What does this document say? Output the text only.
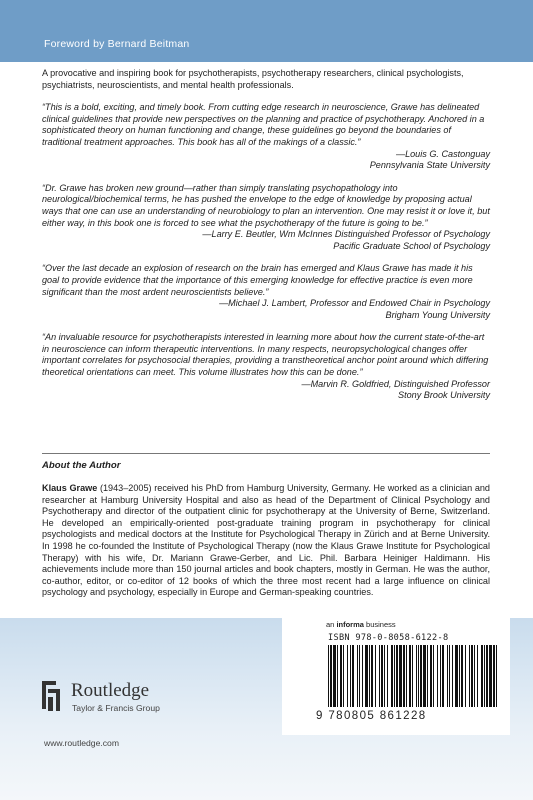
Foreword by Bernard Beitman

A provocative and inspiring book for psychotherapists, psychotherapy researchers, clinical psychologists, psychiatrists, neuroscientists, and mental health professionals.

“This is a bold, exciting, and timely book. From cutting edge research in neuroscience, Grawe has delineated clinical guidelines that provide new perspectives on the planning and practice of psychotherapy. Anchored in a sophisticated theory on human functioning and change, these guidelines go beyond the boundaries of traditional treatment approaches. This book has all of the makings of a classic.”

—Louis G. Castonguay
Pennsylvania State University

“Dr. Grawe has broken new ground—rather than simply translating psychopathology into neurological/biochemical terms, he has pushed the envelope to the edge of knowledge by proposing actual ways that one can use an understanding of neurobiology to plan an intervention. One may resist it or love it, but either way, in this book one is forced to see what the psychotherapy of the future is going to be.”

—Larry E. Beutler, Wm McInnes Distinguished Professor of Psychology
Pacific Graduate School of Psychology

“Over the last decade an explosion of research on the brain has emerged and Klaus Grawe has made it his goal to provide evidence that the importance of this emerging knowledge for effective practice is even more significant than the most ardent neuroscientists believe.”

—Michael J. Lambert, Professor and Endowed Chair in Psychology
Brigham Young University

“An invaluable resource for psychotherapists interested in learning more about how the current state-of-the-art in neuroscience can inform therapeutic interventions. In many respects, neuropsychological changes offer important correlates for psychosocial therapies, providing a transtheoretical anchor point around which differing theoretical orientations can meet. This volume illustrates how this can be done.”

—Marvin R. Goldfried, Distinguished Professor
Stony Brook University
About the Author

Klaus Grawe (1943–2005) received his PhD from Hamburg University, Germany. He worked as a clinician and researcher at Hamburg University Hospital and also as head of the Department of Clinical Psychology and Psychotherapy and director of the outpatient clinic for psychotherapy at the University of Berne, Switzerland. He developed an empirically-oriented post-graduate training program in psychotherapy for clinical psychologists and medical doctors at the Institute for Psychological Therapy in Zürich and at Berne University. In 1998 he co-founded the Institute of Psychological Therapy (now the Klaus Grawe Institute for Psychological Therapy) with his wife, Dr. Mariann Grawe-Gerber, and Lic. Phil. Barbara Heiniger Haldimann. His achievements include more than 150 journal articles and book chapters, mostly in German. He was the author, co-author, editor, or co-editor of 12 books of which the three most recent had a large influence on clinical psychology and psychology, especially in Europe and German-speaking countries.

an informa business
ISBN 978-0-8058-6122-8
9 780805 861228
Routledge
Taylor & Francis Group
www.routledge.com
